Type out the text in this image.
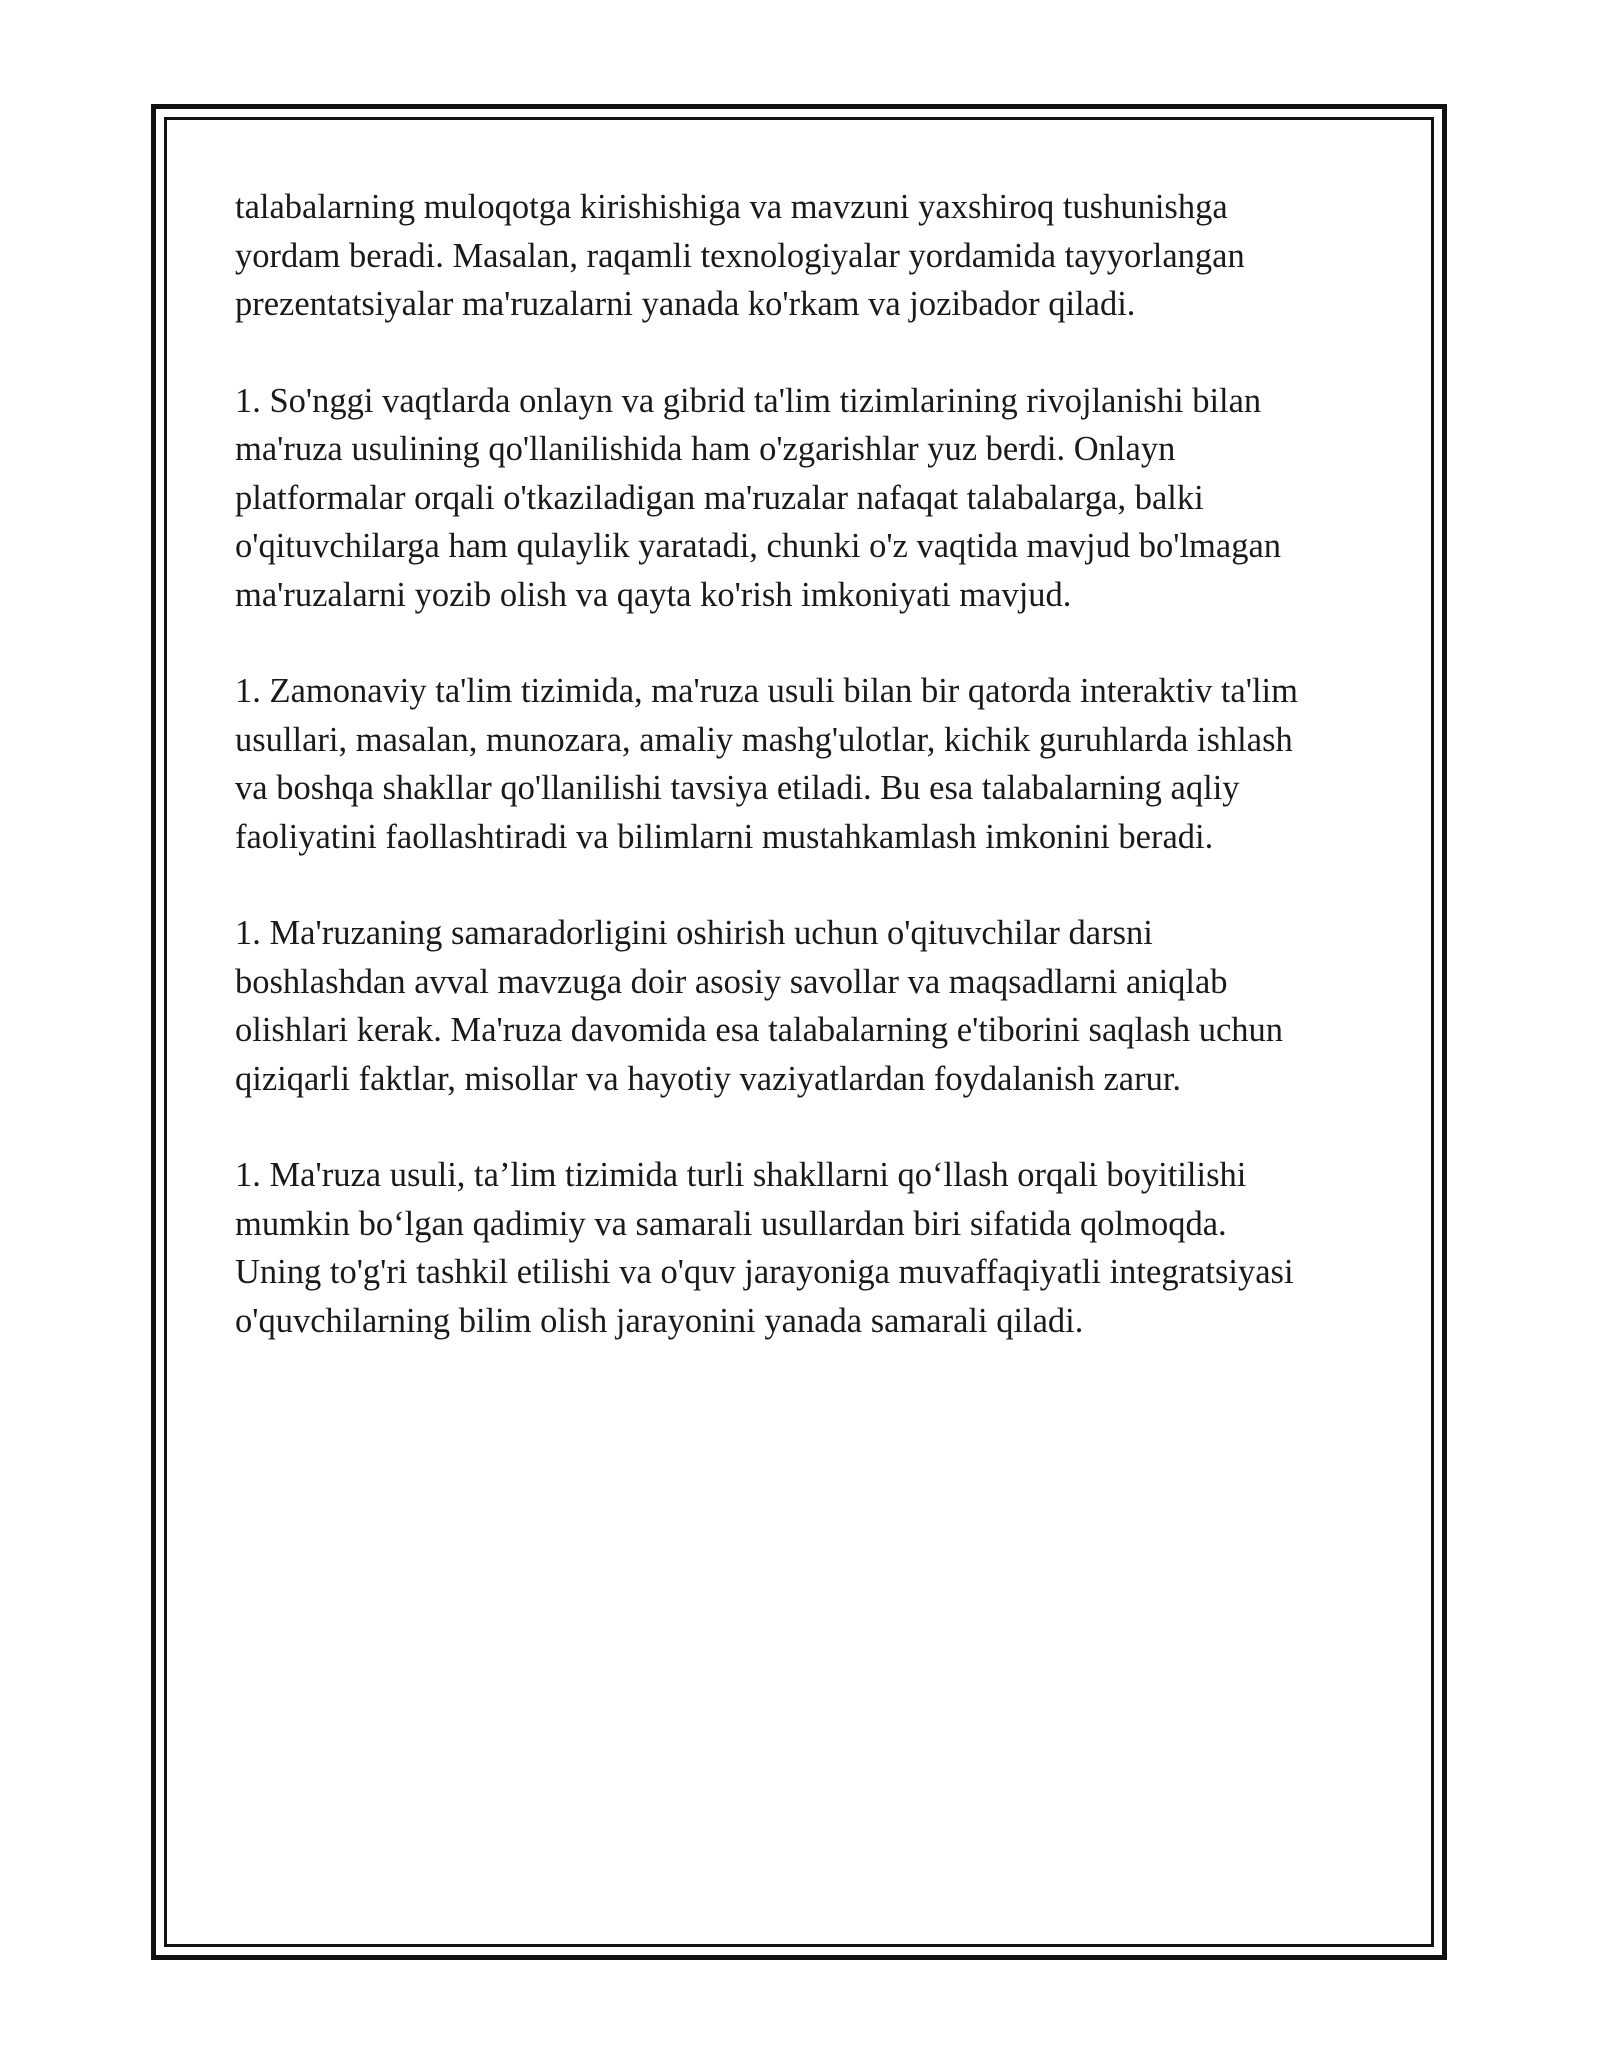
talabalarning muloqotga kirishishiga va mavzuni yaxshiroq tushunishga
yordam beradi. Masalan, raqamli texnologiyalar yordamida tayyorlangan
prezentatsiyalar ma'ruzalarni yanada ko'rkam va jozibador qiladi.

1. So'nggi vaqtlarda onlayn va gibrid ta'lim tizimlarining rivojlanishi bilan
ma'ruza usulining qo'llanilishida ham o'zgarishlar yuz berdi. Onlayn
platformalar orqali o'tkaziladigan ma'ruzalar nafaqat talabalarga, balki
o'qituvchilarga ham qulaylik yaratadi, chunki o'z vaqtida mavjud bo'lmagan
ma'ruzalarni yozib olish va qayta ko'rish imkoniyati mavjud.

1. Zamonaviy ta'lim tizimida, ma'ruza usuli bilan bir qatorda interaktiv ta'lim
usullari, masalan, munozara, amaliy mashg'ulotlar, kichik guruhlarda ishlash
va boshqa shakllar qo'llanilishi tavsiya etiladi. Bu esa talabalarning aqliy
faoliyatini faollashtiradi va bilimlarni mustahkamlash imkonini beradi.

1. Ma'ruzaning samaradorligini oshirish uchun o'qituvchilar darsni
boshlashdan avval mavzuga doir asosiy savollar va maqsadlarni aniqlab
olishlari kerak. Ma'ruza davomida esa talabalarning e'tiborini saqlash uchun
qiziqarli faktlar, misollar va hayotiy vaziyatlardan foydalanish zarur.

1. Ma'ruza usuli, ta’lim tizimida turli shakllarni qo‘llash orqali boyitilishi
mumkin bo‘lgan qadimiy va samarali usullardan biri sifatida qolmoqda.
Uning to'g'ri tashkil etilishi va o'quv jarayoniga muvaffaqiyatli integratsiyasi
o'quvchilarning bilim olish jarayonini yanada samarali qiladi.
